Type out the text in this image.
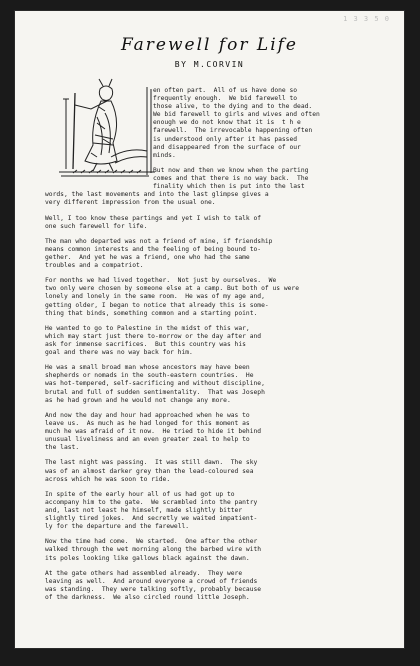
1 3 3 5 0
Farewell for Life
BY M.CORVIN

en often part.  All of us have done so
frequently enough.  We bid farewell to
those alive, to the dying and to the dead.
We bid farewell to girls and wives and often
enough we do not know that it is  t h e
farewell.  The irrevocable happening often
is understood only after it has passed
and disappeared from the surface of our
minds.

But now and then we know when the parting
comes and that there is no way back.  The
finality which then is put into the last
words, the last movements and into the last glimpse gives a
very different impression from the usual one.

Well, I too know these partings and yet I wish to talk of
one such farewell for life.

The man who departed was not a friend of mine, if friendship
means common interests and the feeling of being bound to-
gether.  And yet he was a friend, one who had the same
troubles and a compatriot.

For months we had lived together.  Not just by ourselves.  We
two only were chosen by someone else at a camp. But both of us were
lonely and lonely in the same room.  He was of my age and,
getting older, I began to notice that already this is some-
thing that binds, something common and a starting point.

He wanted to go to Palestine in the midst of this war,
which may start just there to-morrow or the day after and
ask for immense sacrifices.  But this country was his
goal and there was no way back for him.

He was a small broad man whose ancestors may have been
shepherds or nomads in the south-eastern countries.  He
was hot-tempered, self-sacrificing and without discipline,
brutal and full of sudden sentimentality.  That was Joseph
as he had grown and he would not change any more.

And now the day and hour had approached when he was to
leave us.  As much as he had longed for this moment as
much he was afraid of it now.  He tried to hide it behind
unusual liveliness and an even greater zeal to help to
the last.

The last night was passing.  It was still dawn.  The sky
was of an almost darker grey than the lead-coloured sea
across which he was soon to ride.

In spite of the early hour all of us had got up to
accompany him to the gate.  We scrambled into the pantry
and, last not least he himself, made slightly bitter
slightly tired jokes.  And secretly we waited impatient-
ly for the departure and the farewell.

Now the time had come.  We started.  One after the other
walked through the wet morning along the barbed wire with
its poles looking like gallows black against the dawn.

At the gate others had assembled already.  They were
leaving as well.  And around everyone a crowd of friends
was standing.  They were talking softly, probably because
of the darkness.  We also circled round little Joseph.
